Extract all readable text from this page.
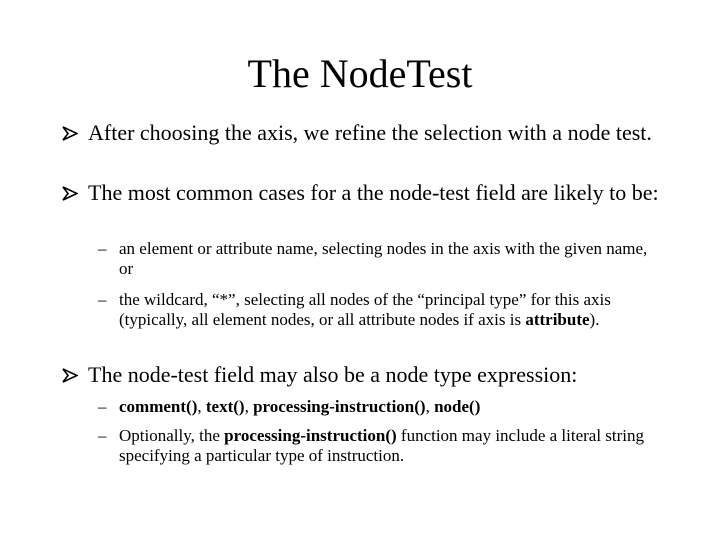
The NodeTest
After choosing the axis, we refine the selection with a node test.
The most common cases for a the node-test field are likely to be:
– an element or attribute name, selecting nodes in the axis with the given name, or
– the wildcard, “*”, selecting all nodes of the “principal type” for this axis (typically, all element nodes, or all attribute nodes if axis is attribute).
The node-test field may also be a node type expression:
– comment(), text(), processing-instruction(), node()
– Optionally, the processing-instruction() function may include a literal string specifying a particular type of instruction.
